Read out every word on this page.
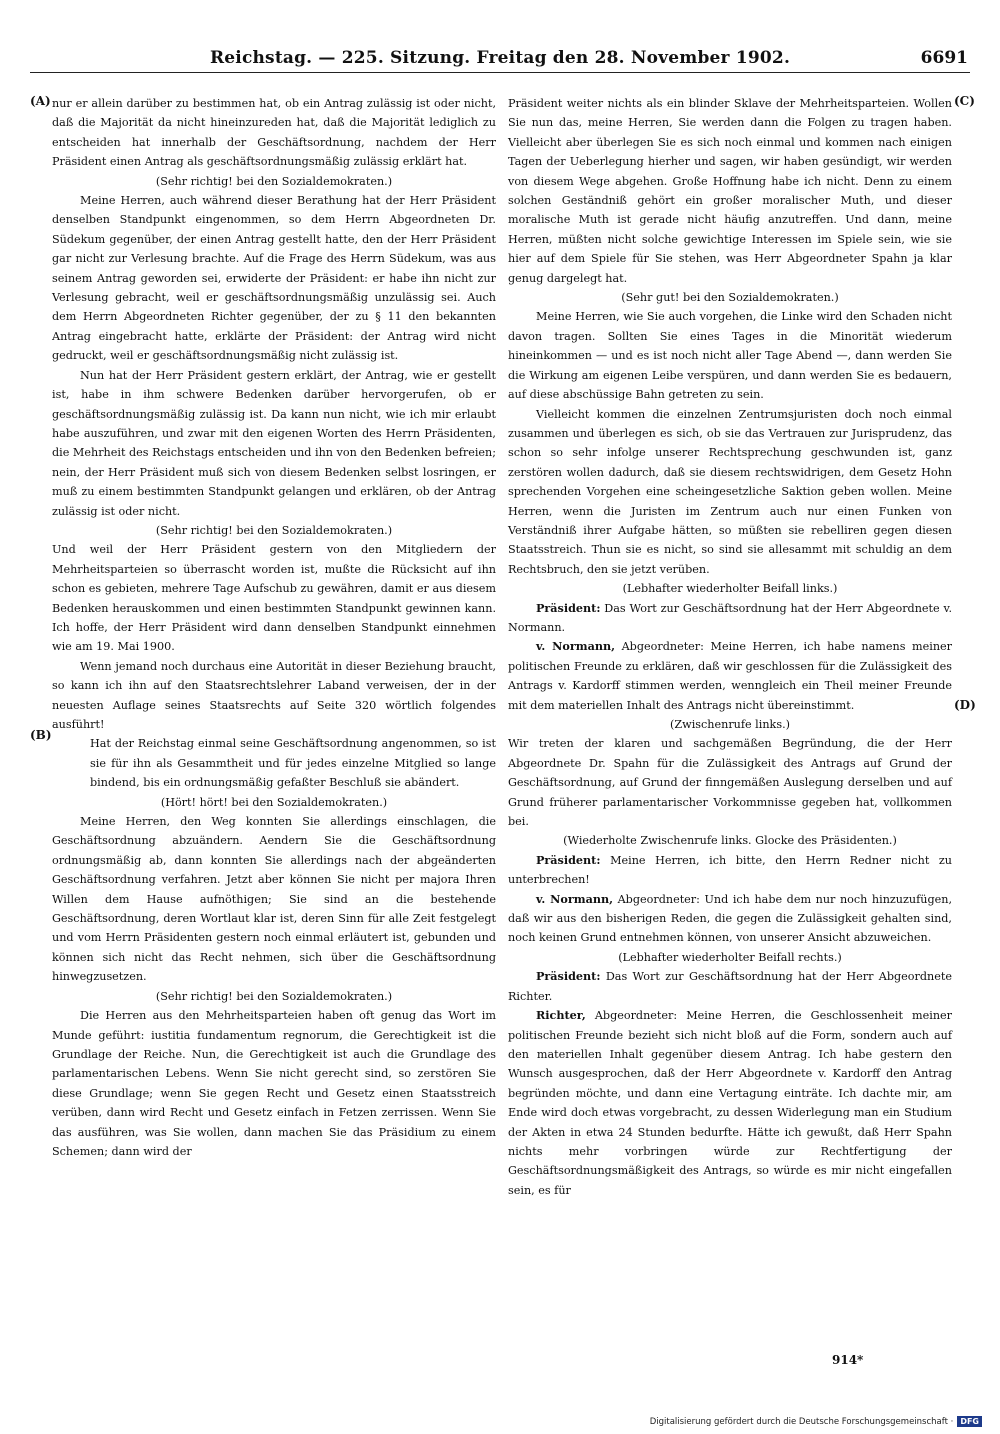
Reichstag. — 225. Sitzung. Freitag den 28. November 1902.	6691
(A)
(B)
(C)
(D)

nur er allein darüber zu bestimmen hat, ob ein Antrag zulässig ist oder nicht, daß die Majorität da nicht hineinzureden hat, daß die Majorität lediglich zu entscheiden hat innerhalb der Geschäftsordnung, nachdem der Herr Präsident einen Antrag als geschäftsordnungsmäßig zulässig erklärt hat.

(Sehr richtig! bei den Sozialdemokraten.)

Meine Herren, auch während dieser Berathung hat der Herr Präsident denselben Standpunkt eingenommen, so dem Herrn Abgeordneten Dr. Südekum gegenüber, der einen Antrag gestellt hatte, den der Herr Präsident gar nicht zur Verlesung brachte. Auf die Frage des Herrn Südekum, was aus seinem Antrag geworden sei, erwiderte der Präsident: er habe ihn nicht zur Verlesung gebracht, weil er geschäftsordnungsmäßig unzulässig sei. Auch dem Herrn Abgeordneten Richter gegenüber, der zu § 11 den bekannten Antrag eingebracht hatte, erklärte der Präsident: der Antrag wird nicht gedruckt, weil er geschäftsordnungsmäßig nicht zulässig ist.

Nun hat der Herr Präsident gestern erklärt, der Antrag, wie er gestellt ist, habe in ihm schwere Bedenken darüber hervorgerufen, ob er geschäftsordnungsmäßig zulässig ist. Da kann nun nicht, wie ich mir erlaubt habe auszuführen, und zwar mit den eigenen Worten des Herrn Präsidenten, die Mehrheit des Reichstags entscheiden und ihn von den Bedenken befreien; nein, der Herr Präsident muß sich von diesem Bedenken selbst losringen, er muß zu einem bestimmten Standpunkt gelangen und erklären, ob der Antrag zulässig ist oder nicht.

(Sehr richtig! bei den Sozialdemokraten.)

Und weil der Herr Präsident gestern von den Mitgliedern der Mehrheitsparteien so überrascht worden ist, mußte die Rücksicht auf ihn schon es gebieten, mehrere Tage Aufschub zu gewähren, damit er aus diesem Bedenken herauskommen und einen bestimmten Standpunkt gewinnen kann. Ich hoffe, der Herr Präsident wird dann denselben Standpunkt einnehmen wie am 19. Mai 1900.

Wenn jemand noch durchaus eine Autorität in dieser Beziehung braucht, so kann ich ihn auf den Staatsrechtslehrer Laband verweisen, der in der neuesten Auflage seines Staatsrechts auf Seite 320 wörtlich folgendes ausführt!

Hat der Reichstag einmal seine Geschäftsordnung angenommen, so ist sie für ihn als Gesammtheit und für jedes einzelne Mitglied so lange bindend, bis ein ordnungsmäßig gefaßter Beschluß sie abändert.

(Hört! hört! bei den Sozialdemokraten.)

Meine Herren, den Weg konnten Sie allerdings einschlagen, die Geschäftsordnung abzuändern. Aendern Sie die Geschäftsordnung ordnungsmäßig ab, dann konnten Sie allerdings nach der abgeänderten Geschäftsordnung verfahren. Jetzt aber können Sie nicht per majora Ihren Willen dem Hause aufnöthigen; Sie sind an die bestehende Geschäftsordnung, deren Wortlaut klar ist, deren Sinn für alle Zeit festgelegt und vom Herrn Präsidenten gestern noch einmal erläutert ist, gebunden und können sich nicht das Recht nehmen, sich über die Geschäftsordnung hinwegzusetzen.

(Sehr richtig! bei den Sozialdemokraten.)

Die Herren aus den Mehrheitsparteien haben oft genug das Wort im Munde geführt: iustitia fundamentum regnorum, die Gerechtigkeit ist die Grundlage der Reiche. Nun, die Gerechtigkeit ist auch die Grundlage des parlamentarischen Lebens. Wenn Sie nicht gerecht sind, so zerstören Sie diese Grundlage; wenn Sie gegen Recht und Gesetz einen Staatsstreich verüben, dann wird Recht und Gesetz einfach in Fetzen zerrissen. Wenn Sie das ausführen, was Sie wollen, dann machen Sie das Präsidium zu einem Schemen; dann wird der

Präsident weiter nichts als ein blinder Sklave der Mehrheitsparteien. Wollen Sie nun das, meine Herren, Sie werden dann die Folgen zu tragen haben. Vielleicht aber überlegen Sie es sich noch einmal und kommen nach einigen Tagen der Ueberlegung hierher und sagen, wir haben gesündigt, wir werden von diesem Wege abgehen. Große Hoffnung habe ich nicht. Denn zu einem solchen Geständniß gehört ein großer moralischer Muth, und dieser moralische Muth ist gerade nicht häufig anzutreffen. Und dann, meine Herren, müßten nicht solche gewichtige Interessen im Spiele sein, wie sie hier auf dem Spiele für Sie stehen, was Herr Abgeordneter Spahn ja klar genug dargelegt hat.

(Sehr gut! bei den Sozialdemokraten.)

Meine Herren, wie Sie auch vorgehen, die Linke wird den Schaden nicht davon tragen. Sollten Sie eines Tages in die Minorität wiederum hineinkommen — und es ist noch nicht aller Tage Abend —, dann werden Sie die Wirkung am eigenen Leibe verspüren, und dann werden Sie es bedauern, auf diese abschüssige Bahn getreten zu sein.

Vielleicht kommen die einzelnen Zentrumsjuristen doch noch einmal zusammen und überlegen es sich, ob sie das Vertrauen zur Jurisprudenz, das schon so sehr infolge unserer Rechtsprechung geschwunden ist, ganz zerstören wollen dadurch, daß sie diesem rechtswidrigen, dem Gesetz Hohn sprechenden Vorgehen eine scheingesetzliche Saktion geben wollen. Meine Herren, wenn die Juristen im Zentrum auch nur einen Funken von Verständniß ihrer Aufgabe hätten, so müßten sie rebelliren gegen diesen Staatsstreich. Thun sie es nicht, so sind sie allesammt mit schuldig an dem Rechtsbruch, den sie jetzt verüben.

(Lebhafter wiederholter Beifall links.)

Präsident: Das Wort zur Geschäftsordnung hat der Herr Abgeordnete v. Normann.

v. Normann, Abgeordneter: Meine Herren, ich habe namens meiner politischen Freunde zu erklären, daß wir geschlossen für die Zulässigkeit des Antrags v. Kardorff stimmen werden, wenngleich ein Theil meiner Freunde mit dem materiellen Inhalt des Antrags nicht übereinstimmt.

(Zwischenrufe links.)

Wir treten der klaren und sachgemäßen Begründung, die der Herr Abgeordnete Dr. Spahn für die Zulässigkeit des Antrags auf Grund der Geschäftsordnung, auf Grund der finngemäßen Auslegung derselben und auf Grund früherer parlamentarischer Vorkommnisse gegeben hat, vollkommen bei.

(Wiederholte Zwischenrufe links. Glocke des Präsidenten.)

Präsident: Meine Herren, ich bitte, den Herrn Redner nicht zu unterbrechen!

v. Normann, Abgeordneter: Und ich habe dem nur noch hinzuzufügen, daß wir aus den bisherigen Reden, die gegen die Zulässigkeit gehalten sind, noch keinen Grund entnehmen können, von unserer Ansicht abzuweichen.

(Lebhafter wiederholter Beifall rechts.)

Präsident: Das Wort zur Geschäftsordnung hat der Herr Abgeordnete Richter.

Richter, Abgeordneter: Meine Herren, die Geschlossenheit meiner politischen Freunde bezieht sich nicht bloß auf die Form, sondern auch auf den materiellen Inhalt gegenüber diesem Antrag. Ich habe gestern den Wunsch ausgesprochen, daß der Herr Abgeordnete v. Kardorff den Antrag begründen möchte, und dann eine Vertagung einträte. Ich dachte mir, am Ende wird doch etwas vorgebracht, zu dessen Widerlegung man ein Studium der Akten in etwa 24 Stunden bedurfte. Hätte ich gewußt, daß Herr Spahn nichts mehr vorbringen würde zur Rechtfertigung der Geschäftsordnungsmäßigkeit des Antrags, so würde es mir nicht eingefallen sein, es für

914*
Digitalisierung gefördert durch die Deutsche Forschungsgemeinschaft · DFG
